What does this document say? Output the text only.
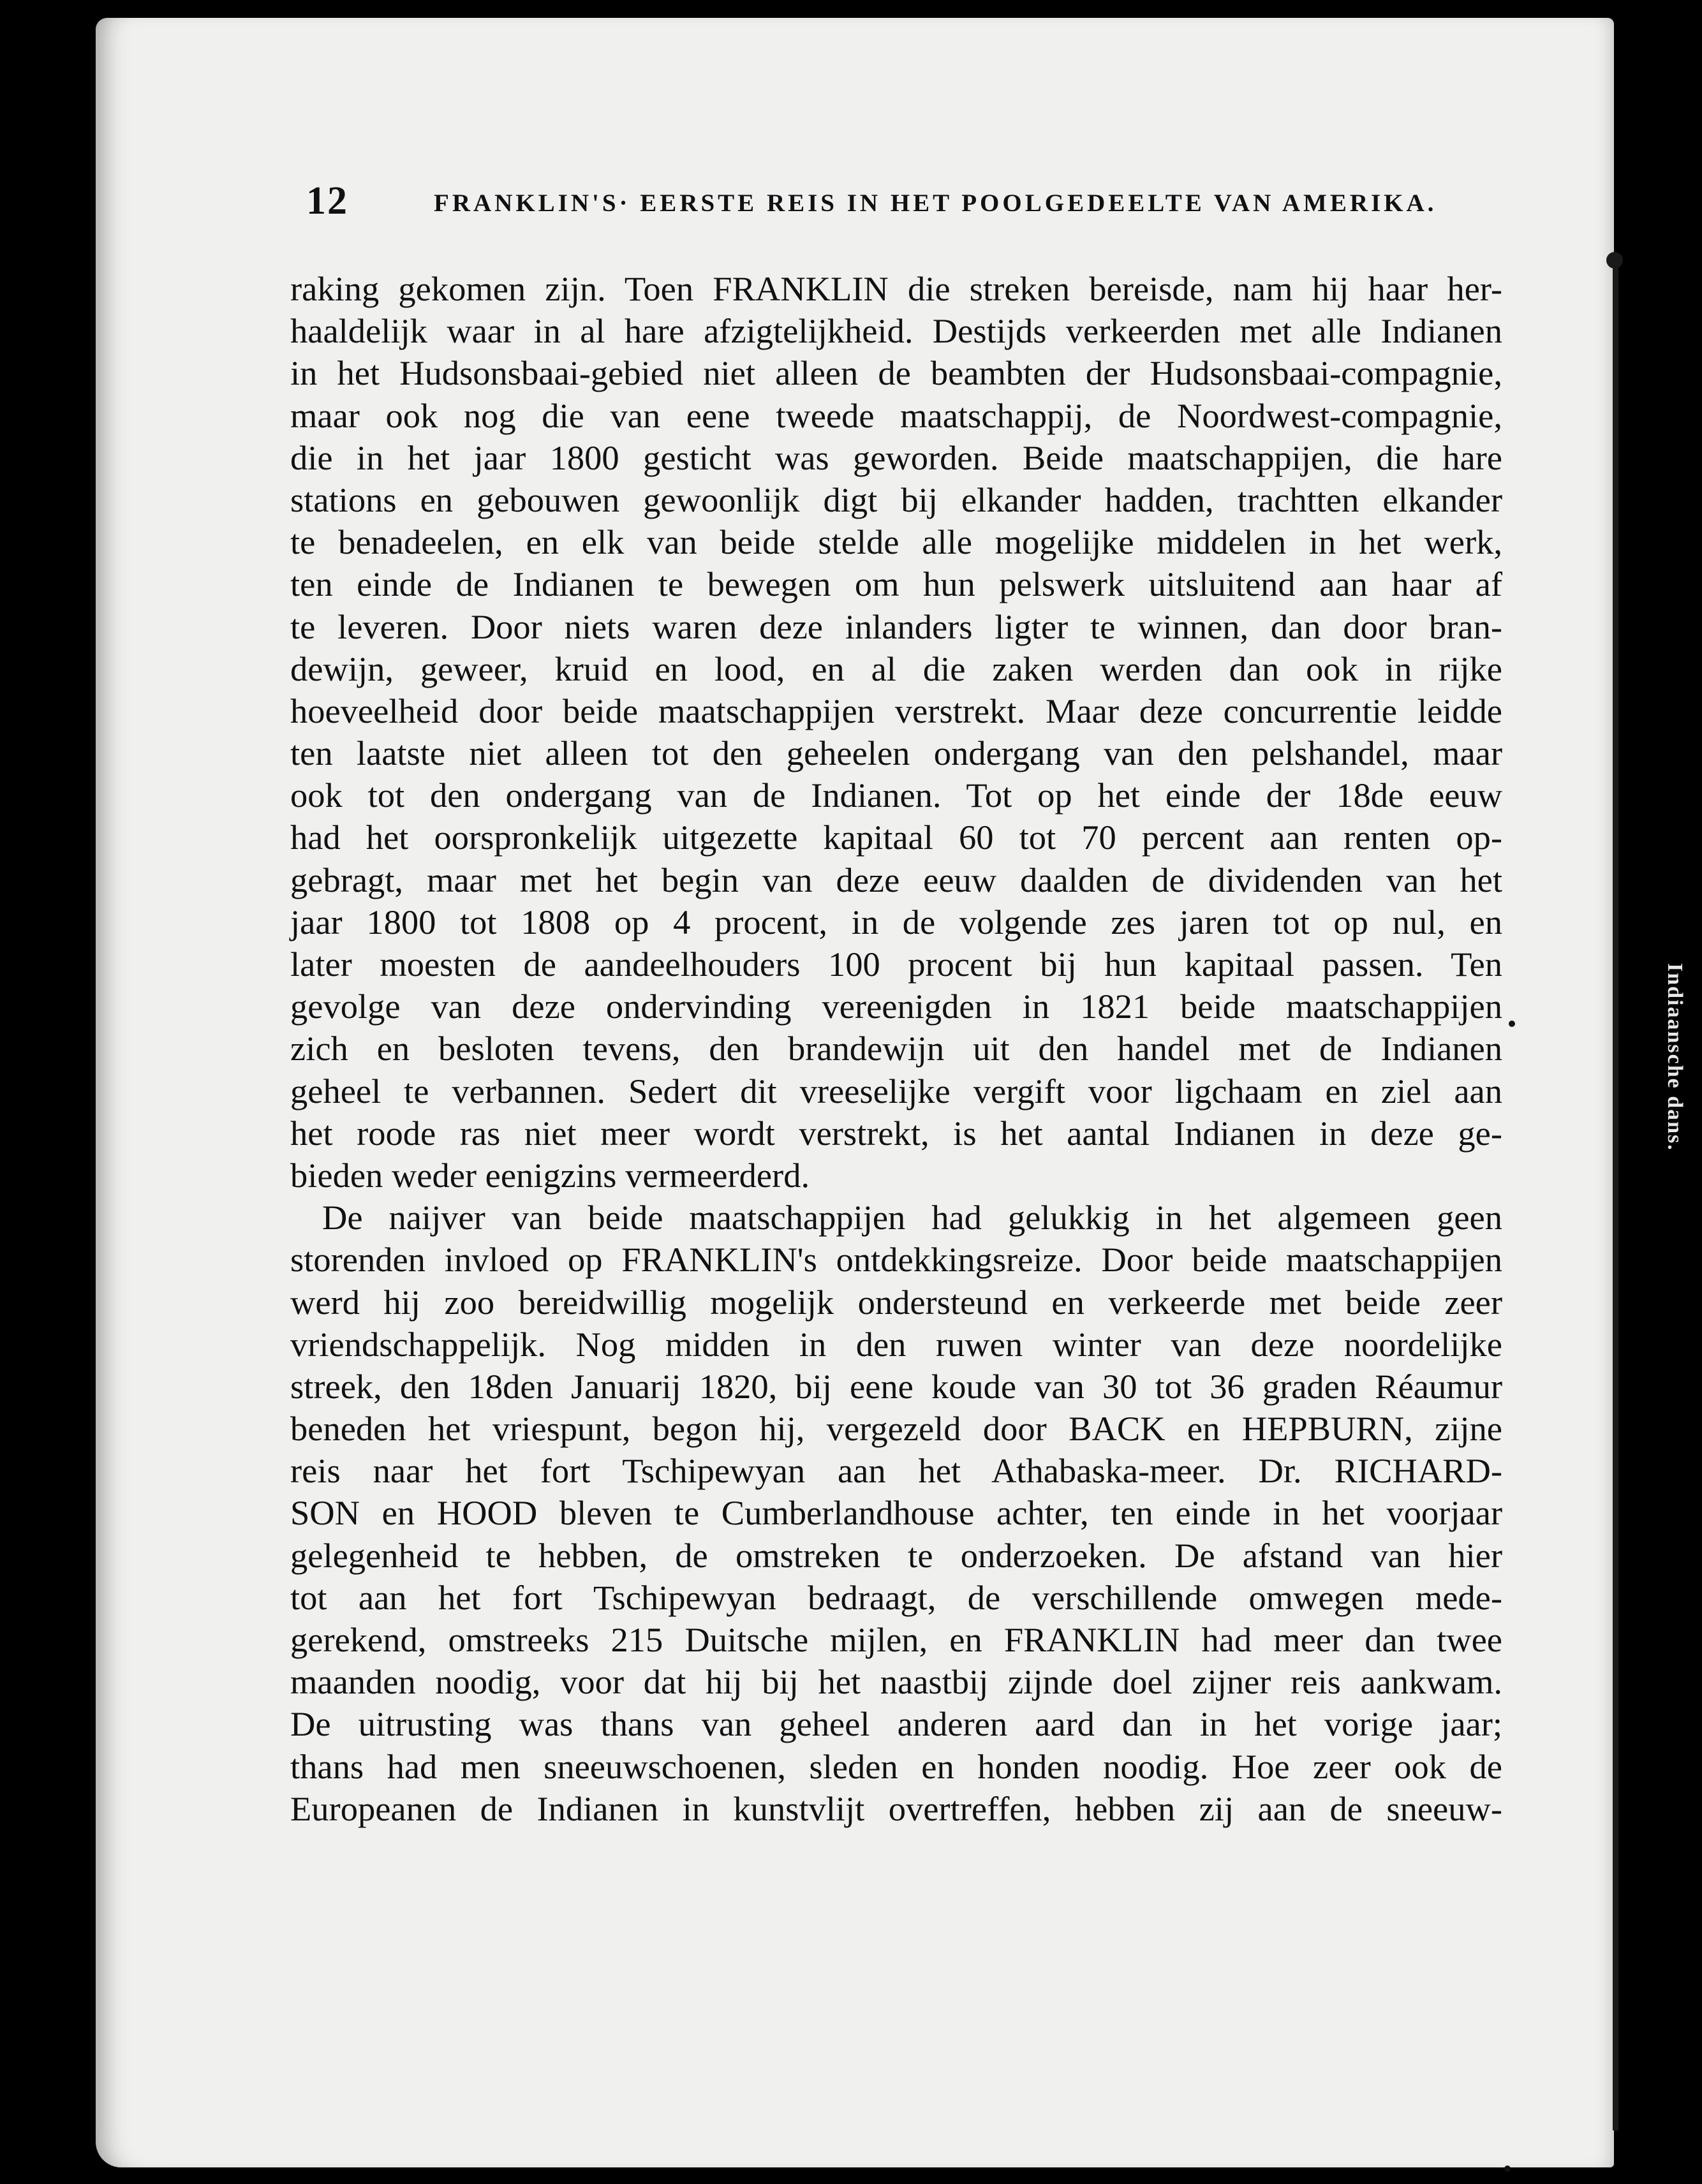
12	FRANKLIN'S· EERSTE REIS IN HET POOLGEDEELTE VAN AMERIKA.
raking gekomen zijn. Toen FRANKLIN die streken bereisde, nam hij haar her-
haaldelijk waar in al hare afzigtelijkheid. Destijds verkeerden met alle Indianen
in het Hudsonsbaai-gebied niet alleen de beambten der Hudsonsbaai-compagnie,
maar ook nog die van eene tweede maatschappij, de Noordwest-compagnie,
die in het jaar 1800 gesticht was geworden. Beide maatschappijen, die hare
stations en gebouwen gewoonlijk digt bij elkander hadden, trachtten elkander
te benadeelen, en elk van beide stelde alle mogelijke middelen in het werk,
ten einde de Indianen te bewegen om hun pelswerk uitsluitend aan haar af
te leveren. Door niets waren deze inlanders ligter te winnen, dan door bran-
dewijn, geweer, kruid en lood, en al die zaken werden dan ook in rijke
hoeveelheid door beide maatschappijen verstrekt. Maar deze concurrentie leidde
ten laatste niet alleen tot den geheelen ondergang van den pelshandel, maar
ook tot den ondergang van de Indianen. Tot op het einde der 18de eeuw
had het oorspronkelijk uitgezette kapitaal 60 tot 70 percent aan renten op-
gebragt, maar met het begin van deze eeuw daalden de dividenden van het
jaar 1800 tot 1808 op 4 procent, in de volgende zes jaren tot op nul, en
later moesten de aandeelhouders 100 procent bij hun kapitaal passen. Ten
gevolge van deze ondervinding vereenigden in 1821 beide maatschappijen
zich en besloten tevens, den brandewijn uit den handel met de Indianen
geheel te verbannen. Sedert dit vreeselijke vergift voor ligchaam en ziel aan
het roode ras niet meer wordt verstrekt, is het aantal Indianen in deze ge-
bieden weder eenigzins vermeerderd.
De naijver van beide maatschappijen had gelukkig in het algemeen geen
storenden invloed op FRANKLIN's ontdekkingsreize. Door beide maatschappijen
werd hij zoo bereidwillig mogelijk ondersteund en verkeerde met beide zeer
vriendschappelijk. Nog midden in den ruwen winter van deze noordelijke
streek, den 18den Januarij 1820, bij eene koude van 30 tot 36 graden Réaumur
beneden het vriespunt, begon hij, vergezeld door BACK en HEPBURN, zijne
reis naar het fort Tschipewyan aan het Athabaska-meer. Dr. RICHARD-
SON en HOOD bleven te Cumberlandhouse achter, ten einde in het voorjaar
gelegenheid te hebben, de omstreken te onderzoeken. De afstand van hier
tot aan het fort Tschipewyan bedraagt, de verschillende omwegen mede-
gerekend, omstreeks 215 Duitsche mijlen, en FRANKLIN had meer dan twee
maanden noodig, voor dat hij bij het naastbij zijnde doel zijner reis aankwam.
De uitrusting was thans van geheel anderen aard dan in het vorige jaar;
thans had men sneeuwschoenen, sleden en honden noodig. Hoe zeer ook de
Europeanen de Indianen in kunstvlijt overtreffen, hebben zij aan de sneeuw-
Indiaansche dans.
